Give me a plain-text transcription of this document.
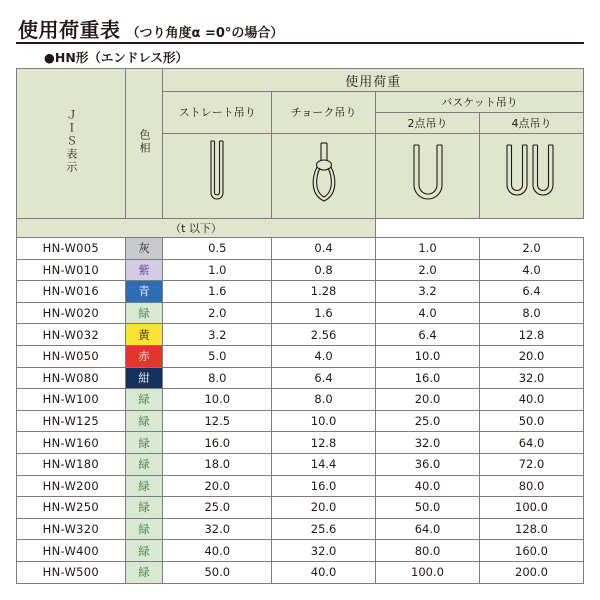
使用荷重表 （つり角度α =0°の場合）
●HN形（エンドレス形）
ＪＩＳ表示	色相	使用荷重			
		ストレート吊り	チョーク吊り	バスケット吊り	
				2点吊り	4点吊り

（t 以下）					
HN-W005	灰	0.5	0.4	1.0	2.0
HN-W010	紫	1.0	0.8	2.0	4.0
HN-W016	青	1.6	1.28	3.2	6.4
HN-W020	緑	2.0	1.6	4.0	8.0
HN-W032	黄	3.2	2.56	6.4	12.8
HN-W050	赤	5.0	4.0	10.0	20.0
HN-W080	紺	8.0	6.4	16.0	32.0
HN-W100	緑	10.0	8.0	20.0	40.0
HN-W125	緑	12.5	10.0	25.0	50.0
HN-W160	緑	16.0	12.8	32.0	64.0
HN-W180	緑	18.0	14.4	36.0	72.0
HN-W200	緑	20.0	16.0	40.0	80.0
HN-W250	緑	25.0	20.0	50.0	100.0
HN-W320	緑	32.0	25.6	64.0	128.0
HN-W400	緑	40.0	32.0	80.0	160.0
HN-W500	緑	50.0	40.0	100.0	200.0
